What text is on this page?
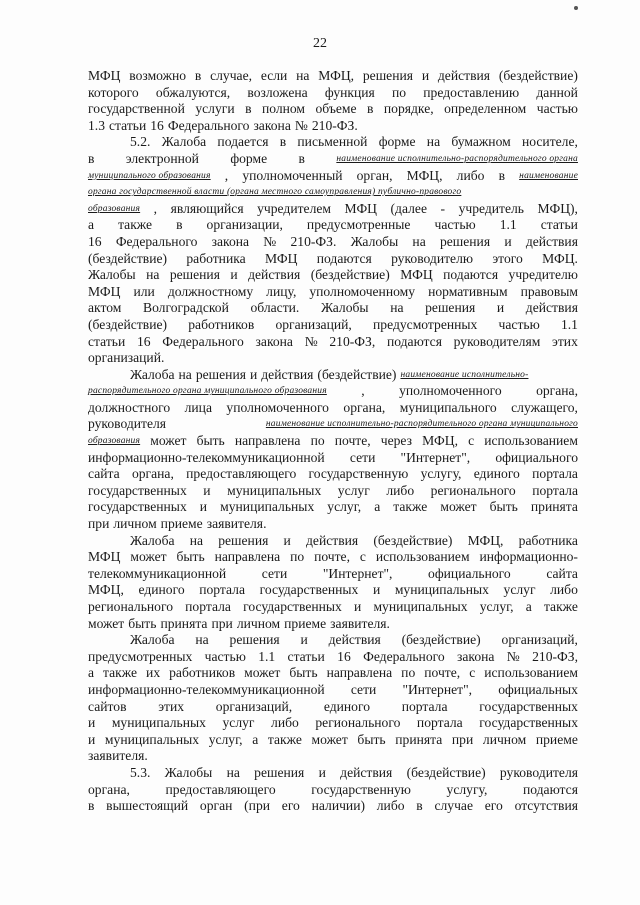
22
МФЦ возможно в случае, если на МФЦ, решения и действия (бездействие)
которого обжалуются, возложена функция по предоставлению данной
государственной услуги в полном объеме в порядке, определенном частью
1.3 статьи 16 Федерального закона № 210-ФЗ.
5.2. Жалоба подается в письменной форме на бумажном носителе,
в электронной форме в	наименование исполнительно-распорядительного органа
муниципального образования , уполномоченный орган, МФЦ, либо в наименование
органа государственной власти (органа местного самоуправления) публично-правового
образования , являющийся учредителем МФЦ (далее - учредитель МФЦ),
а также в организации, предусмотренные частью 1.1 статьи
16 Федерального закона № 210-ФЗ. Жалобы на решения и действия
(бездействие) работника МФЦ подаются руководителю этого МФЦ.
Жалобы на решения и действия (бездействие) МФЦ подаются учредителю
МФЦ или должностному лицу, уполномоченному нормативным правовым
актом Волгоградской области. Жалобы на решения и действия
(бездействие) работников организаций, предусмотренных частью 1.1
статьи 16 Федерального закона № 210-ФЗ, подаются руководителям этих
организаций.
Жалоба на решения и действия (бездействие) наименование исполнительно-
распорядительного органа муниципального образования	,	уполномоченного	органа,
должностного лица уполномоченного органа, муниципального служащего,
руководителя	наименование исполнительно-распорядительного органа муниципального
образования может быть направлена по почте, через МФЦ, с использованием
информационно-телекоммуникационной сети "Интернет", официального
сайта органа, предоставляющего государственную услугу, единого портала
государственных и муниципальных услуг либо регионального портала
государственных и муниципальных услуг, а также может быть принята
при личном приеме заявителя.
Жалоба на решения и действия (бездействие) МФЦ, работника
МФЦ может быть направлена по почте, с использованием информационно-
телекоммуникационной	сети	"Интернет",	официального	сайта
МФЦ, единого портала государственных и муниципальных услуг либо
регионального портала государственных и муниципальных услуг, а также
может быть принята при личном приеме заявителя.
Жалоба на решения и действия (бездействие) организаций,
предусмотренных частью 1.1 статьи 16 Федерального закона № 210-ФЗ,
а также их работников может быть направлена по почте, с использованием
информационно-телекоммуникационной сети "Интернет", официальных
сайтов этих организаций, единого портала государственных
и муниципальных услуг либо регионального портала государственных
и муниципальных услуг, а также может быть принята при личном приеме
заявителя.
5.3. Жалобы на решения и действия (бездействие) руководителя
органа,	предоставляющего	государственную	услугу,	подаются
в вышестоящий орган (при его наличии) либо в случае его отсутствия
